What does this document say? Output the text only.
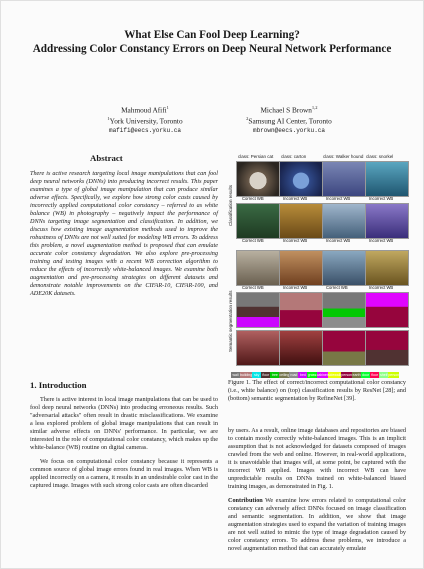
What Else Can Fool Deep Learning?
Addressing Color Constancy Errors on Deep Neural Network Performance
Mahmoud Afifi$^1$
$^1$York University, Toronto
mafifi@eecs.yorku.ca
Michael S Brown$^{1,2}$
$^2$Samsung AI Center, Toronto
mbrown@eecs.yorku.ca
Abstract
There is active research targeting local image manipulations that can fool deep neural networks (DNNs) into producing incorrect results. This paper examines a type of global image manipulation that can produce similar adverse effects. Specifically, we explore how strong color casts caused by incorrectly applied computational color constancy – referred to as white balance (WB) in photography – negatively impact the performance of DNNs targeting image segmentation and classification. In addition, we discuss how existing image augmentation methods used to improve the robustness of DNNs are not well suited for modeling WB errors. To address this problem, a novel augmentation method is proposed that can emulate accurate color constancy degradation. We also explore pre-processing training and testing images with a recent WB correction algorithm to reduce the effects of incorrectly white-balanced images. We examine both augmentation and pre-processing strategies on different datasets and demonstrate notable improvements on the CIFAR-10, CIFAR-100, and ADE20K datasets.
1. Introduction

There is active interest in local image manipulations that can be used to fool deep neural networks (DNNs) into producing erroneous results. Such "adversarial attacks" often result in drastic misclassifications. We examine a less explored problem of global image manipulations that can result in similar adverse effects on DNNs' performance. In particular, we are interested in the role of computational color constancy, which makes up the white-balance (WB) routine on digital cameras.

We focus on computational color constancy because it represents a common source of global image errors found in real images. When WB is applied incorrectly on a camera, it results in an undesirable color cast in the captured image. Images with such strong color casts are often discarded

class: Persian cat class: carton	class: Walker hound class: snorkel
Classification results
Semantic segmentation results
Correct WB	Incorrect WB	Incorrect WB	Incorrect WB
Correct WB	Incorrect WB	Incorrect WB	Incorrect WB
Correct WB	Incorrect WB	Correct WB	Incorrect WB
wall building sky floor tree ceiling road bed grass cabinet sidewalk person earth door floor shelf person
Figure 1. The effect of correct/incorrect computational color constancy (i.e., white balance) on (top) classification results by ResNet [28]; and (bottom) semantic segmentation by RefineNet [39].

by users. As a result, online image databases and repositories are biased to contain mostly correctly white-balanced images. This is an implicit assumption that is not acknowledged for datasets composed of images crawled from the web and online. However, in real-world applications, it is unavoidable that images will, at some point, be captured with the incorrect WB applied. Images with incorrect WB can have unpredictable results on DNNs trained on white-balanced biased training images, as demonstrated in Fig. 1.

Contribution We examine how errors related to computational color constancy can adversely affect DNNs focused on image classification and semantic segmentation. In addition, we show that image augmentation strategies used to expand the variation of training images are not well suited to mimic the type of image degradation caused by color constancy errors. To address these problems, we introduce a novel augmentation method that can accurately emulate
